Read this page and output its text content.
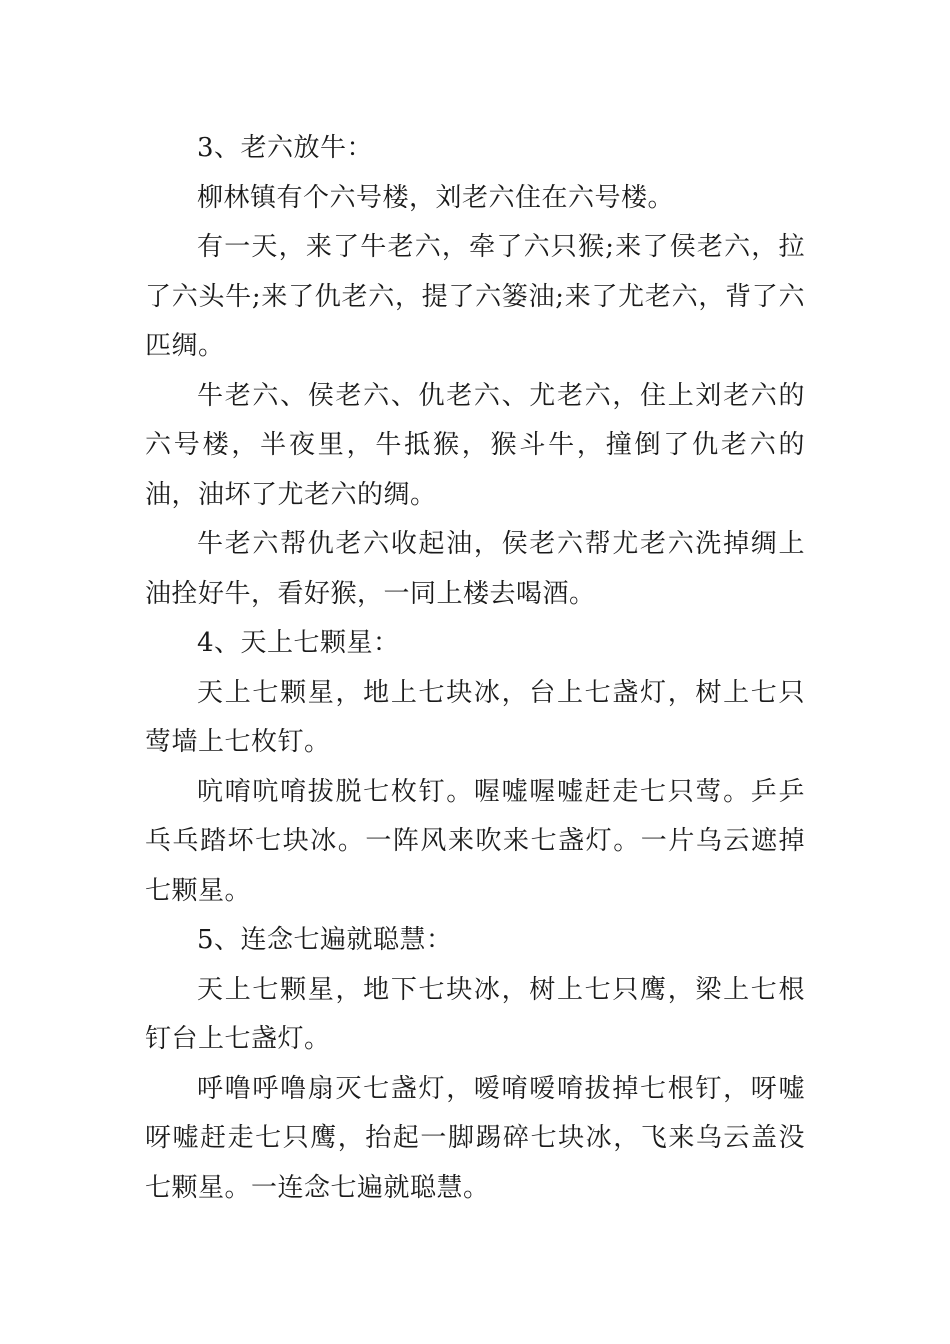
3、老六放牛：

柳林镇有个六号楼，刘老六住在六号楼。

有一天，来了牛老六，牵了六只猴;来了侯老六，拉了六头牛;来了仇老六，提了六篓油;来了尤老六，背了六匹绸。

牛老六、侯老六、仇老六、尤老六，住上刘老六的六号楼，半夜里，牛抵猴，猴斗牛，撞倒了仇老六的油，油坏了尤老六的绸。

牛老六帮仇老六收起油，侯老六帮尤老六洗掉绸上油拴好牛，看好猴，一同上楼去喝酒。

4、天上七颗星：

天上七颗星，地上七块冰，台上七盏灯，树上七只莺墙上七枚钉。

吭唷吭唷拔脱七枚钉。喔嘘喔嘘赶走七只莺。乒乒乓乓踏坏七块冰。一阵风来吹来七盏灯。一片乌云遮掉七颗星。

5、连念七遍就聪慧：

天上七颗星，地下七块冰，树上七只鹰，梁上七根钉台上七盏灯。

呼噜呼噜扇灭七盏灯，嗳唷嗳唷拔掉七根钉，呀嘘呀嘘赶走七只鹰，抬起一脚踢碎七块冰，飞来乌云盖没七颗星。一连念七遍就聪慧。
